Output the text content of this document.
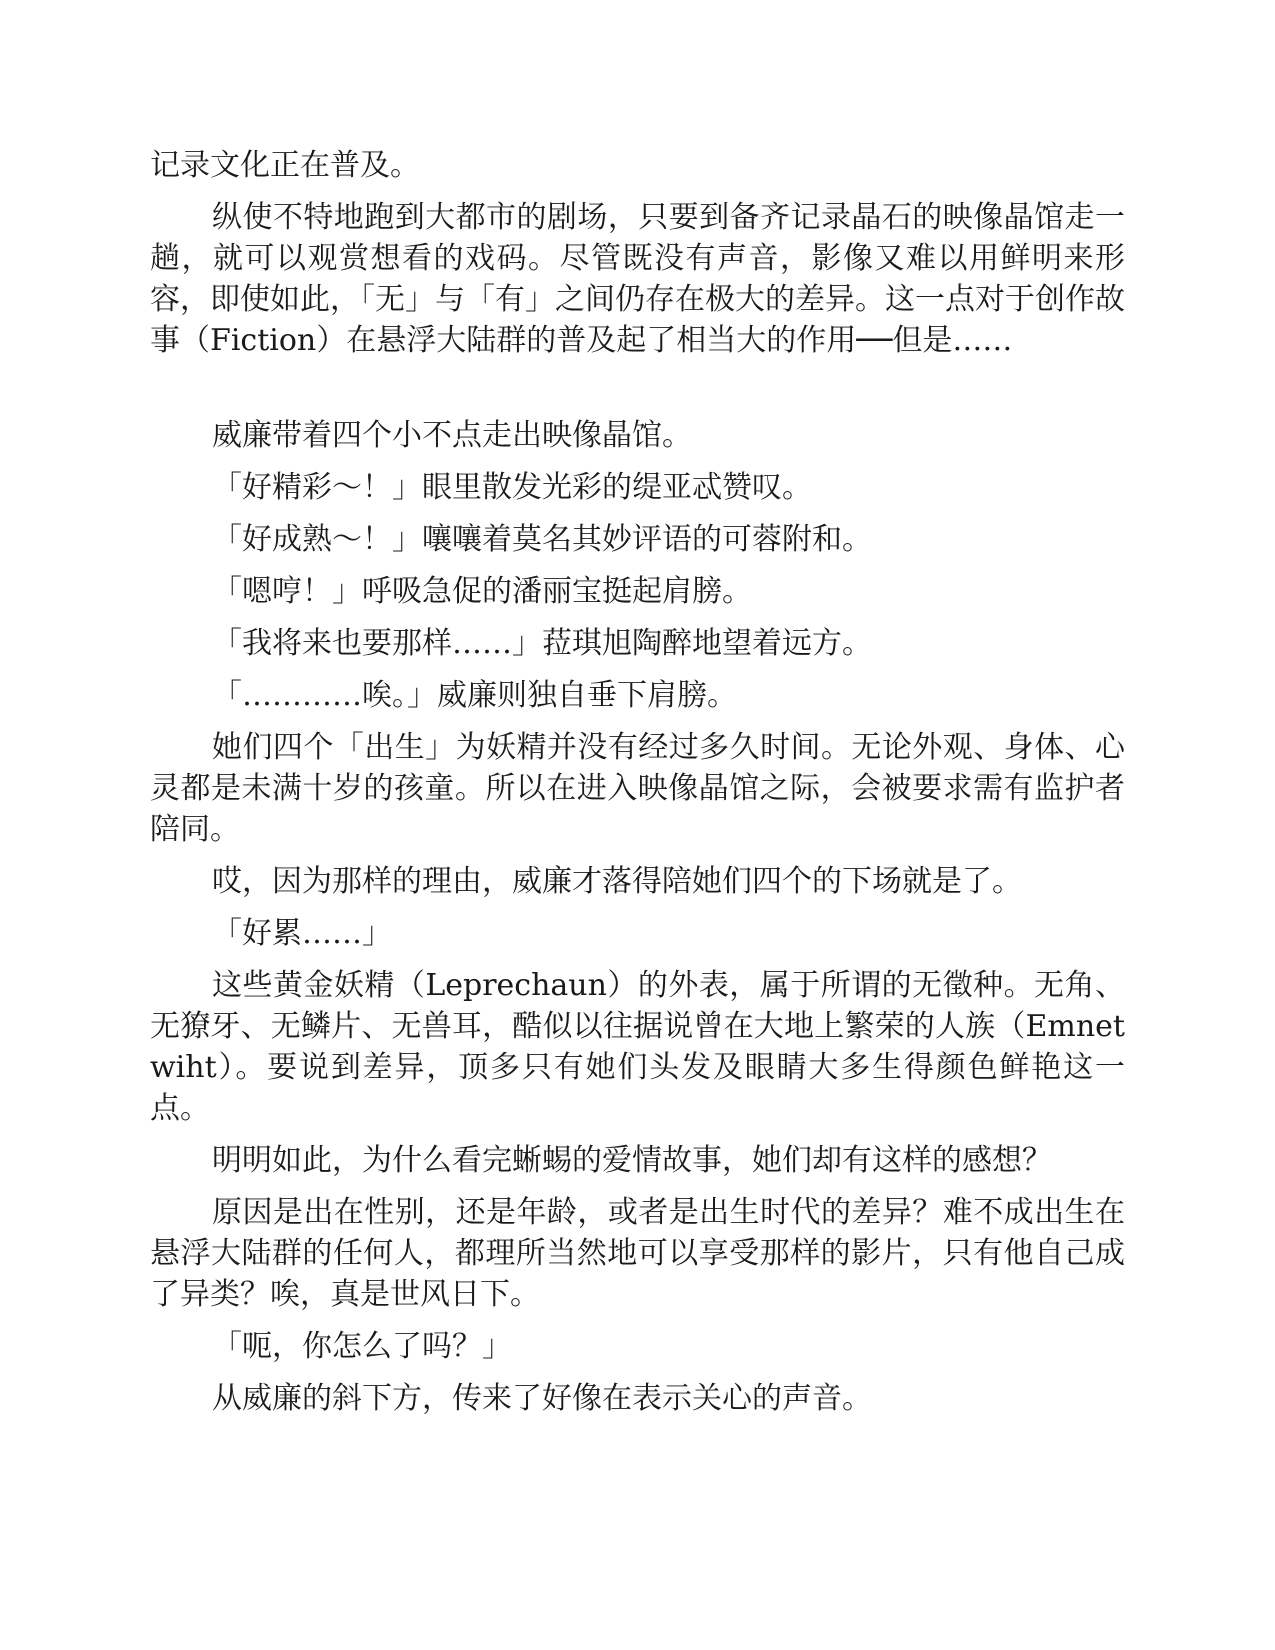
记录文化正在普及。

纵使不特地跑到大都市的剧场，只要到备齐记录晶石的映像晶馆走一趟，就可以观赏想看的戏码。尽管既没有声音，影像又难以用鲜明来形容，即使如此，「无」与「有」之间仍存在极大的差异。这一点对于创作故事（Fiction）在悬浮大陆群的普及起了相当大的作用──但是……

威廉带着四个小不点走出映像晶馆。

「好精彩～！」眼里散发光彩的缇亚忒赞叹。

「好成熟～！」嚷嚷着莫名其妙评语的可蓉附和。

「嗯哼！」呼吸急促的潘丽宝挺起肩膀。

「我将来也要那样……」菈琪旭陶醉地望着远方。

「…………唉。」威廉则独自垂下肩膀。

她们四个「出生」为妖精并没有经过多久时间。无论外观、身体、心灵都是未满十岁的孩童。所以在进入映像晶馆之际，会被要求需有监护者陪同。

哎，因为那样的理由，威廉才落得陪她们四个的下场就是了。

「好累……」

这些黄金妖精（Leprechaun）的外表，属于所谓的无徵种。无角、无獠牙、无鳞片、无兽耳，酷似以往据说曾在大地上繁荣的人族（Emnetwiht）。要说到差异，顶多只有她们头发及眼睛大多生得颜色鲜艳这一点。

明明如此，为什么看完蜥蜴的爱情故事，她们却有这样的感想？

原因是出在性别，还是年龄，或者是出生时代的差异？难不成出生在悬浮大陆群的任何人，都理所当然地可以享受那样的影片，只有他自己成了异类？唉，真是世风日下。

「呃，你怎么了吗？」

从威廉的斜下方，传来了好像在表示关心的声音。
